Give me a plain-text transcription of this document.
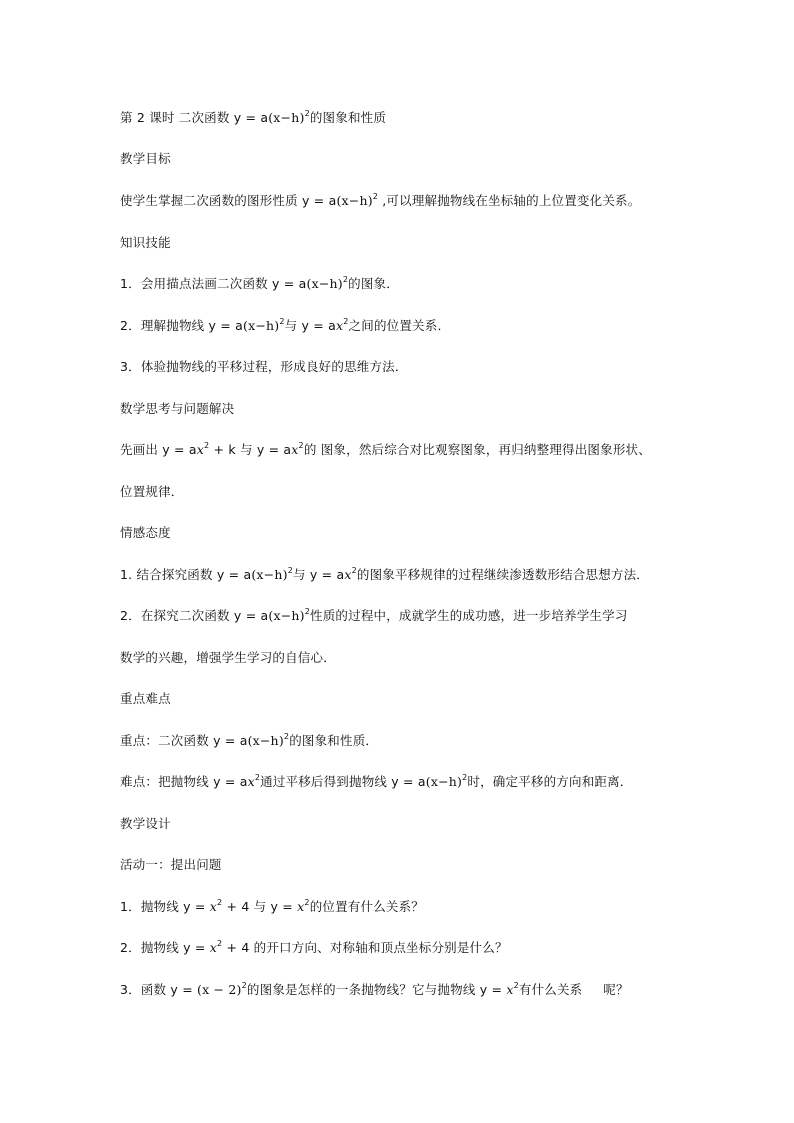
第 2 课时 二次函数 $y = a(x-h)^2$的图象和性质
教学目标
使学生掌握二次函数的图形性质 $y = a(x-h)^2$ ,可以理解抛物线在坐标轴的上位置变化关系。
知识技能
1．会用描点法画二次函数 $y = a(x-h)^2$的图象．
2．理解抛物线 $y = a(x-h)^2$与 $y = ax^2$之间的位置关系．
3．体验抛物线的平移过程，形成良好的思维方法．
数学思考与问题解决
先画出 $y = ax^2 + k$ 与 $y = ax^2$的 图象，然后综合对比观察图象，再归纳整理得出图象形状、
位置规律．
情感态度
1. 结合探究函数 $y = a(x-h)^2$与 $y = ax^2$的图象平移规律的过程继续渗透数形结合思想方法．
2．在探究二次函数 $y = a(x-h)^2$性质的过程中，成就学生的成功感，进一步培养学生学习
数学的兴趣，增强学生学习的自信心．
重点难点
重点：二次函数 $y = a(x-h)^2$的图象和性质．
难点：把抛物线 $y = ax^2$通过平移后得到抛物线 $y = a(x-h)^2$时，确定平移的方向和距离．
教学设计
活动一：提出问题
1．抛物线 $y = x^2 + 4$ 与 $y = x^2$的位置有什么关系？
2．抛物线 $y = x^2 + 4$ 的开口方向、对称轴和顶点坐标分别是什么？
3．函数 $y = (x - 2)^2$的图象是怎样的一条抛物线？它与抛物线 $y = x^2$有什么关系     呢？
